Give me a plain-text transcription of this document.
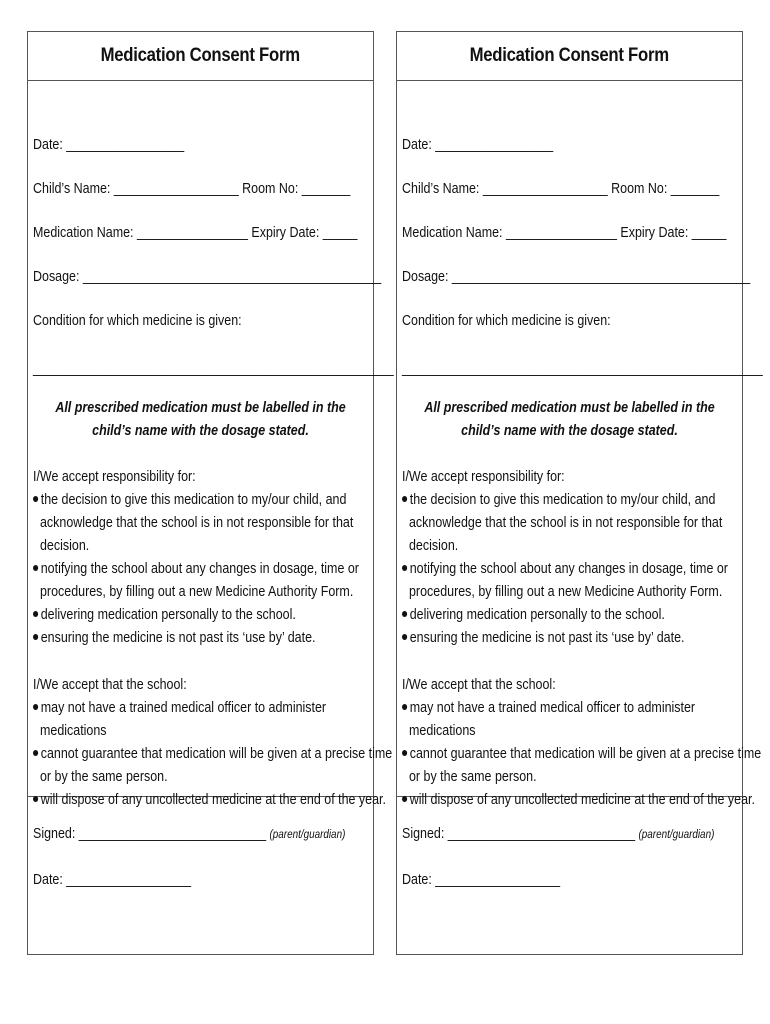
Medication Consent Form
Date: _________________
Child’s Name: __________________ Room No: _______
Medication Name: ________________ Expiry Date: _____
Dosage: ___________________________________________
Condition for which medicine is given:
____________________________________________________
All prescribed medication must be labelled in the
child’s name with the dosage stated.
I/We accept responsibility for:
the decision to give this medication to my/our child, and
acknowledge that the school is in not responsible for that
decision.
notifying the school about any changes in dosage, time or
procedures, by filling out a new Medicine Authority Form.
delivering medication personally to the school.
ensuring the medicine is not past its ‘use by’ date.
I/We accept that the school:
may not have a trained medical officer to administer
medications
cannot guarantee that medication will be given at a precise time
or by the same person.
will dispose of any uncollected medicine at the end of the year.
Signed: ___________________________ (parent/guardian)
Date: __________________
Medication Consent Form
Date: _________________
Child’s Name: __________________ Room No: _______
Medication Name: ________________ Expiry Date: _____
Dosage: ___________________________________________
Condition for which medicine is given:
____________________________________________________
All prescribed medication must be labelled in the
child’s name with the dosage stated.
I/We accept responsibility for:
the decision to give this medication to my/our child, and
acknowledge that the school is in not responsible for that
decision.
notifying the school about any changes in dosage, time or
procedures, by filling out a new Medicine Authority Form.
delivering medication personally to the school.
ensuring the medicine is not past its ‘use by’ date.
I/We accept that the school:
may not have a trained medical officer to administer
medications
cannot guarantee that medication will be given at a precise time
or by the same person.
will dispose of any uncollected medicine at the end of the year.
Signed: ___________________________ (parent/guardian)
Date: __________________
